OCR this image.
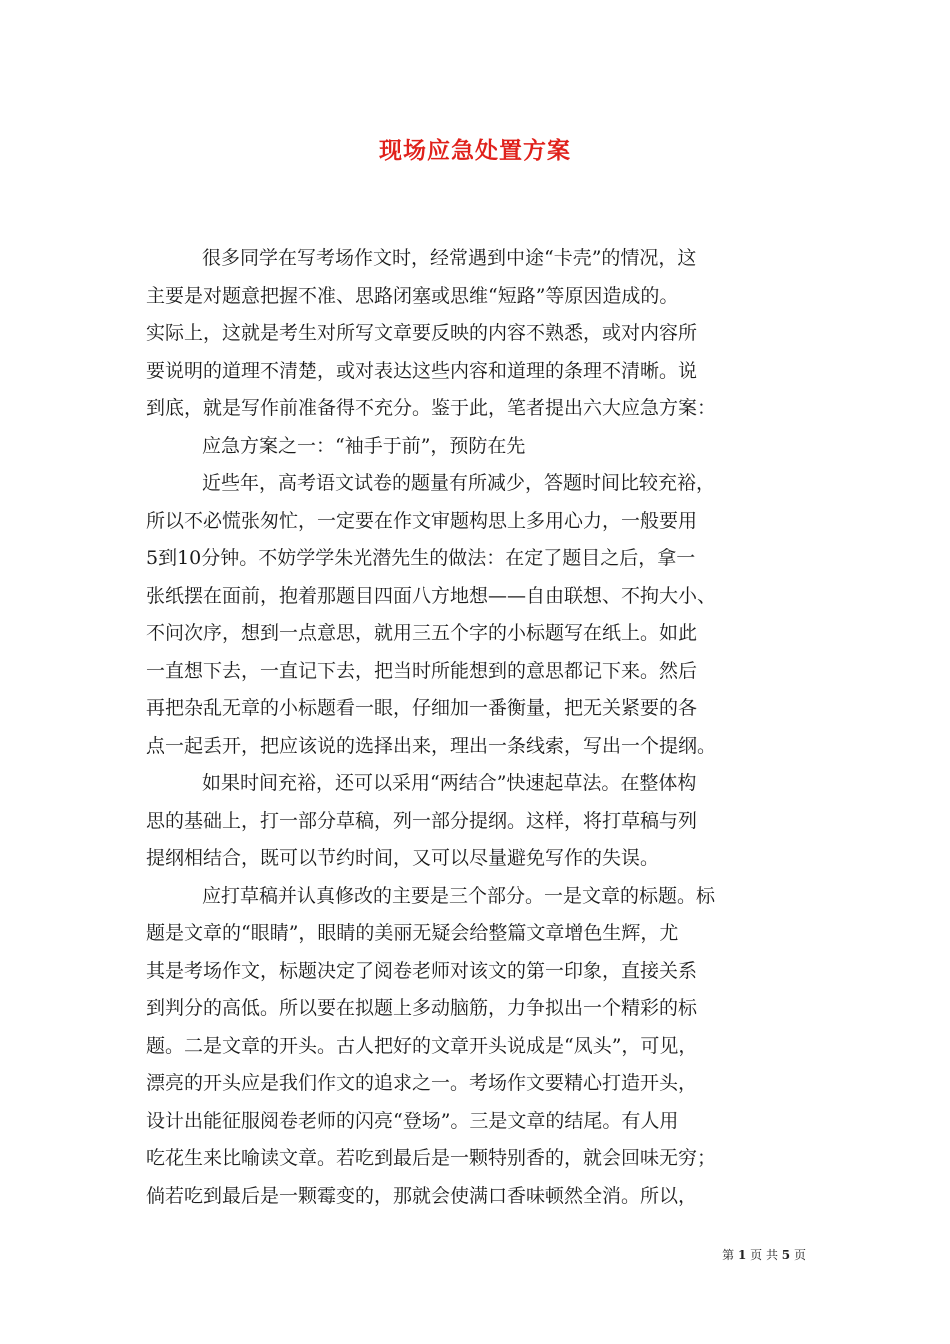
现场应急处置方案
很多同学在写考场作文时，经常遇到中途“卡壳”的情况，这
主要是对题意把握不准、思路闭塞或思维“短路”等原因造成的。
实际上，这就是考生对所写文章要反映的内容不熟悉，或对内容所
要说明的道理不清楚，或对表达这些内容和道理的条理不清晰。说
到底，就是写作前准备得不充分。鉴于此，笔者提出六大应急方案：
应急方案之一：“袖手于前”，预防在先
近些年，高考语文试卷的题量有所减少，答题时间比较充裕，
所以不必慌张匆忙，一定要在作文审题构思上多用心力，一般要用
5到10分钟。不妨学学朱光潜先生的做法：在定了题目之后，拿一
张纸摆在面前，抱着那题目四面八方地想——自由联想、不拘大小、
不问次序，想到一点意思，就用三五个字的小标题写在纸上。如此
一直想下去，一直记下去，把当时所能想到的意思都记下来。然后
再把杂乱无章的小标题看一眼，仔细加一番衡量，把无关紧要的各
点一起丢开，把应该说的选择出来，理出一条线索，写出一个提纲。
如果时间充裕，还可以采用“两结合”快速起草法。在整体构
思的基础上，打一部分草稿，列一部分提纲。这样，将打草稿与列
提纲相结合，既可以节约时间，又可以尽量避免写作的失误。
应打草稿并认真修改的主要是三个部分。一是文章的标题。标
题是文章的“眼睛”，眼睛的美丽无疑会给整篇文章增色生辉，尤
其是考场作文，标题决定了阅卷老师对该文的第一印象，直接关系
到判分的高低。所以要在拟题上多动脑筋，力争拟出一个精彩的标
题。二是文章的开头。古人把好的文章开头说成是“凤头”，可见，
漂亮的开头应是我们作文的追求之一。考场作文要精心打造开头，
设计出能征服阅卷老师的闪亮“登场”。三是文章的结尾。有人用
吃花生来比喻读文章。若吃到最后是一颗特别香的，就会回味无穷；
倘若吃到最后是一颗霉变的，那就会使满口香味顿然全消。所以，
第 1 页 共 5 页
